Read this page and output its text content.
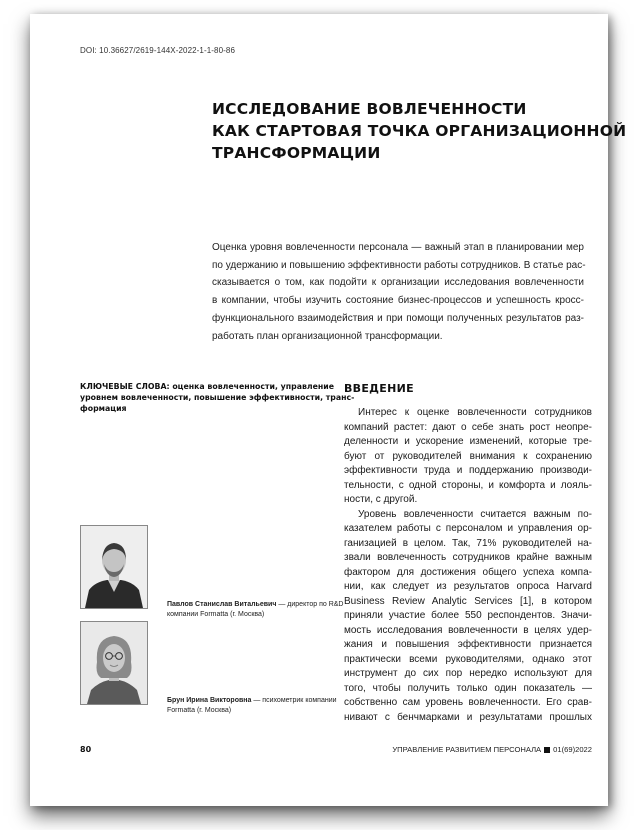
DOI: 10.36627/2619-144X-2022-1-1-80-86
ИССЛЕДОВАНИЕ ВОВЛЕЧЕННОСТИ
КАК СТАРТОВАЯ ТОЧКА ОРГАНИЗАЦИОННОЙ
ТРАНСФОРМАЦИИ
Оценка уровня вовлеченности персонала — важный этап в планировании мер
по удержанию и повышению эффективности работы сотрудников. В статье рас-
сказывается о том, как подойти к организации исследования вовлеченности
в компании, чтобы изучить состояние бизнес-процессов и успешность кросс-
функционального взаимодействия и при помощи полученных результатов раз-
работать план организационной трансформации.
КЛЮЧЕВЫЕ СЛОВА: оценка вовлеченности, управление
уровнем вовлеченности, повышение эффективности, транс-
формация
Павлов Станислав Витальевич — директор по R&D
компании Formatta (г. Москва)
Брун Ирина Викторовна — психометрик компании
Formatta (г. Москва)
ВВЕДЕНИЕ
Интерес к оценке вовлеченности сотрудников
компаний растет: дают о себе знать рост неопре-
деленности и ускорение изменений, которые тре-
буют от руководителей внимания к сохранению
эффективности труда и поддержанию производи-
тельности, с одной стороны, и комфорта и лояль-
ности, с другой.
Уровень вовлеченности считается важным по-
казателем работы с персоналом и управления ор-
ганизацией в целом. Так, 71% руководителей на-
звали вовлеченность сотрудников крайне важным
фактором для достижения общего успеха компа-
нии, как следует из результатов опроса Harvard
Business Review Analytic Services [1], в котором
приняли участие более 550 респондентов. Значи-
мость исследования вовлеченности в целях удер-
жания и повышения эффективности признается
практически всеми руководителями, однако этот
инструмент до сих пор нередко используют для
того, чтобы получить только один показатель —
собственно сам уровень вовлеченности. Его срав-
нивают с бенчмарками и результатами прошлых
80	УПРАВЛЕНИЕ РАЗВИТИЕМ ПЕРСОНАЛА 01(69)2022
